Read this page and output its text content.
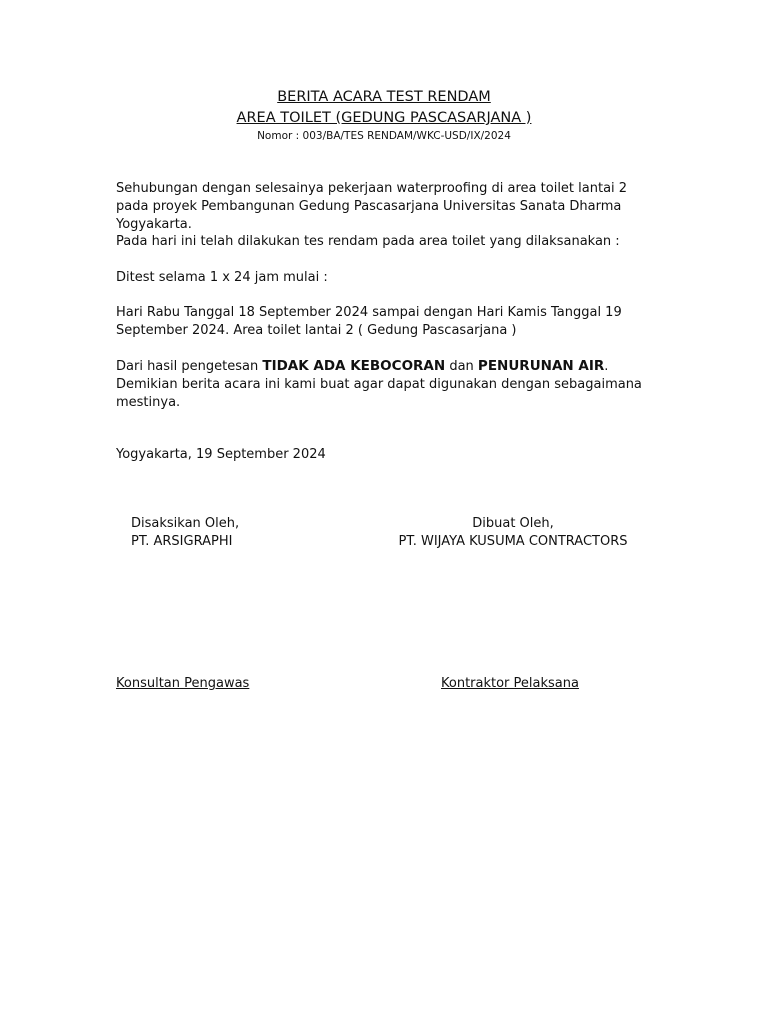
BERITA ACARA TEST RENDAM
AREA TOILET (GEDUNG PASCASARJANA )
Nomor : 003/BA/TES RENDAM/WKC-USD/IX/2024
Sehubungan dengan selesainya pekerjaan waterproofing di area toilet lantai 2 pada proyek Pembangunan Gedung Pascasarjana Universitas Sanata Dharma Yogyakarta.
Pada hari ini telah dilakukan tes rendam pada area toilet yang dilaksanakan :
Ditest selama 1 x 24 jam mulai :
Hari Rabu Tanggal 18 September 2024 sampai dengan Hari Kamis Tanggal 19 September 2024. Area toilet lantai 2 ( Gedung Pascasarjana )
Dari hasil pengetesan TIDAK ADA KEBOCORAN dan PENURUNAN AIR. Demikian berita acara ini kami buat agar dapat digunakan dengan sebagaimana mestinya.
Yogyakarta, 19 September 2024
Disaksikan Oleh,
PT. ARSIGRAPHI
Dibuat Oleh,
PT. WIJAYA KUSUMA CONTRACTORS
Konsultan Pengawas	Kontraktor Pelaksana
